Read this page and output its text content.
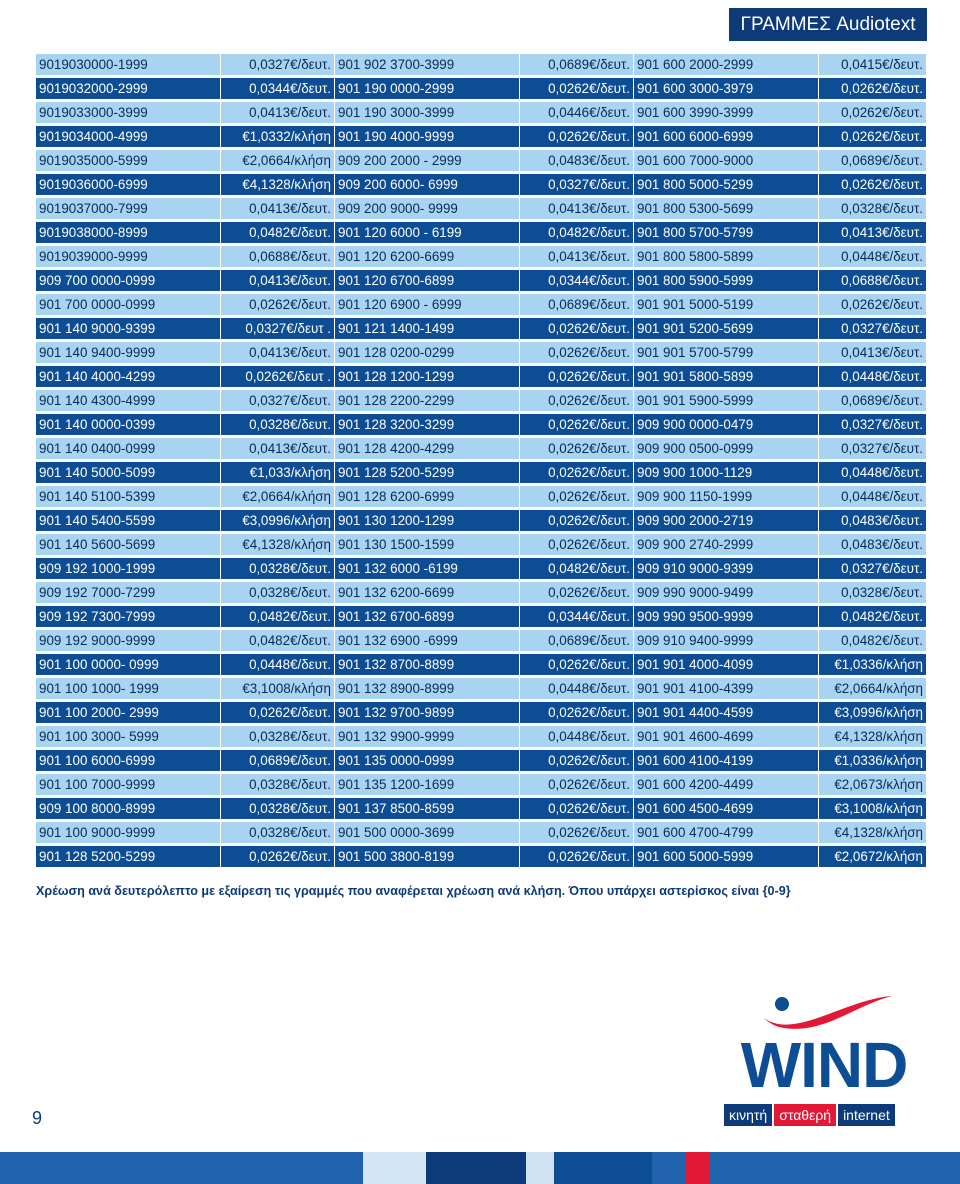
ΓΡΑΜΜΕΣ Audiotext
9019030000-1999	0,0327€/δευτ.	901 902 3700-3999	0,0689€/δευτ.	901 600 2000-2999	0,0415€/δευτ.
9019032000-2999	0,0344€/δευτ.	901 190 0000-2999	0,0262€/δευτ.	901 600 3000-3979	0,0262€/δευτ.
9019033000-3999	0,0413€/δευτ.	901 190 3000-3999	0,0446€/δευτ.	901 600 3990-3999	0,0262€/δευτ.
9019034000-4999	€1,0332/κλήση	901 190 4000-9999	0,0262€/δευτ.	901 600 6000-6999	0,0262€/δευτ.
9019035000-5999	€2,0664/κλήση	909 200 2000 - 2999	0,0483€/δευτ.	901 600 7000-9000	0,0689€/δευτ.
9019036000-6999	€4,1328/κλήση	909 200 6000- 6999	0,0327€/δευτ.	901 800 5000-5299	0,0262€/δευτ.
9019037000-7999	0,0413€/δευτ.	909 200 9000- 9999	0,0413€/δευτ.	901 800 5300-5699	0,0328€/δευτ.
9019038000-8999	0,0482€/δευτ.	901 120 6000 - 6199	0,0482€/δευτ.	901 800 5700-5799	0,0413€/δευτ.
9019039000-9999	0,0688€/δευτ.	901 120 6200-6699	0,0413€/δευτ.	901 800 5800-5899	0,0448€/δευτ.
909 700 0000-0999	0,0413€/δευτ.	901 120 6700-6899	0,0344€/δευτ.	901 800 5900-5999	0,0688€/δευτ.
901 700 0000-0999	0,0262€/δευτ.	901 120 6900 - 6999	0,0689€/δευτ.	901 901 5000-5199	0,0262€/δευτ.
901 140 9000-9399	0,0327€/δευτ .	901 121 1400-1499	0,0262€/δευτ.	901 901 5200-5699	0,0327€/δευτ.
901 140 9400-9999	0,0413€/δευτ.	901 128 0200-0299	0,0262€/δευτ.	901 901 5700-5799	0,0413€/δευτ.
901 140 4000-4299	0,0262€/δευτ .	901 128 1200-1299	0,0262€/δευτ.	901 901 5800-5899	0,0448€/δευτ.
901 140 4300-4999	0,0327€/δευτ.	901 128 2200-2299	0,0262€/δευτ.	901 901 5900-5999	0,0689€/δευτ.
901 140 0000-0399	0,0328€/δευτ.	901 128 3200-3299	0,0262€/δευτ.	909 900 0000-0479	0,0327€/δευτ.
901 140 0400-0999	0,0413€/δευτ.	901 128 4200-4299	0,0262€/δευτ.	909 900 0500-0999	0,0327€/δευτ.
901 140 5000-5099	€1,033/κλήση	901 128 5200-5299	0,0262€/δευτ.	909 900 1000-1129	0,0448€/δευτ.
901 140 5100-5399	€2,0664/κλήση	901 128 6200-6999	0,0262€/δευτ.	909 900 1150-1999	0,0448€/δευτ.
901 140 5400-5599	€3,0996/κλήση	901 130 1200-1299	0,0262€/δευτ.	909 900 2000-2719	0,0483€/δευτ.
901 140 5600-5699	€4,1328/κλήση	901 130 1500-1599	0,0262€/δευτ.	909 900 2740-2999	0,0483€/δευτ.
909 192 1000-1999	0,0328€/δευτ.	901 132 6000 -6199	0,0482€/δευτ.	909 910 9000-9399	0,0327€/δευτ.
909 192 7000-7299	0,0328€/δευτ.	901 132 6200-6699	0,0262€/δευτ.	909 990 9000-9499	0,0328€/δευτ.
909 192 7300-7999	0,0482€/δευτ.	901 132 6700-6899	0,0344€/δευτ.	909 990 9500-9999	0,0482€/δευτ.
909 192 9000-9999	0,0482€/δευτ.	901 132 6900 -6999	0,0689€/δευτ.	909 910 9400-9999	0,0482€/δευτ.
901 100 0000- 0999	0,0448€/δευτ.	901 132 8700-8899	0,0262€/δευτ.	901 901 4000-4099	€1,0336/κλήση
901 100 1000- 1999	€3,1008/κλήση	901 132 8900-8999	0,0448€/δευτ.	901 901 4100-4399	€2,0664/κλήση
901 100 2000- 2999	0,0262€/δευτ.	901 132 9700-9899	0,0262€/δευτ.	901 901 4400-4599	€3,0996/κλήση
901 100 3000- 5999	0,0328€/δευτ.	901 132 9900-9999	0,0448€/δευτ.	901 901 4600-4699	€4,1328/κλήση
901 100 6000-6999	0,0689€/δευτ.	901 135 0000-0999	0,0262€/δευτ.	901 600 4100-4199	€1,0336/κλήση
901 100 7000-9999	0,0328€/δευτ.	901 135 1200-1699	0,0262€/δευτ.	901 600 4200-4499	€2,0673/κλήση
909 100 8000-8999	0,0328€/δευτ.	901 137 8500-8599	0,0262€/δευτ.	901 600 4500-4699	€3,1008/κλήση
901 100 9000-9999	0,0328€/δευτ.	901 500 0000-3699	0,0262€/δευτ.	901 600 4700-4799	€4,1328/κλήση
901 128 5200-5299	0,0262€/δευτ.	901 500 3800-8199	0,0262€/δευτ.	901 600 5000-5999	€2,0672/κλήση
Χρέωση ανά δευτερόλεπτο με εξαίρεση τις γραμμές που αναφέρεται χρέωση ανά κλήση. Όπου υπάρχει αστερίσκος είναι {0-9}
WIND
κινητή σταθερή internet
9
